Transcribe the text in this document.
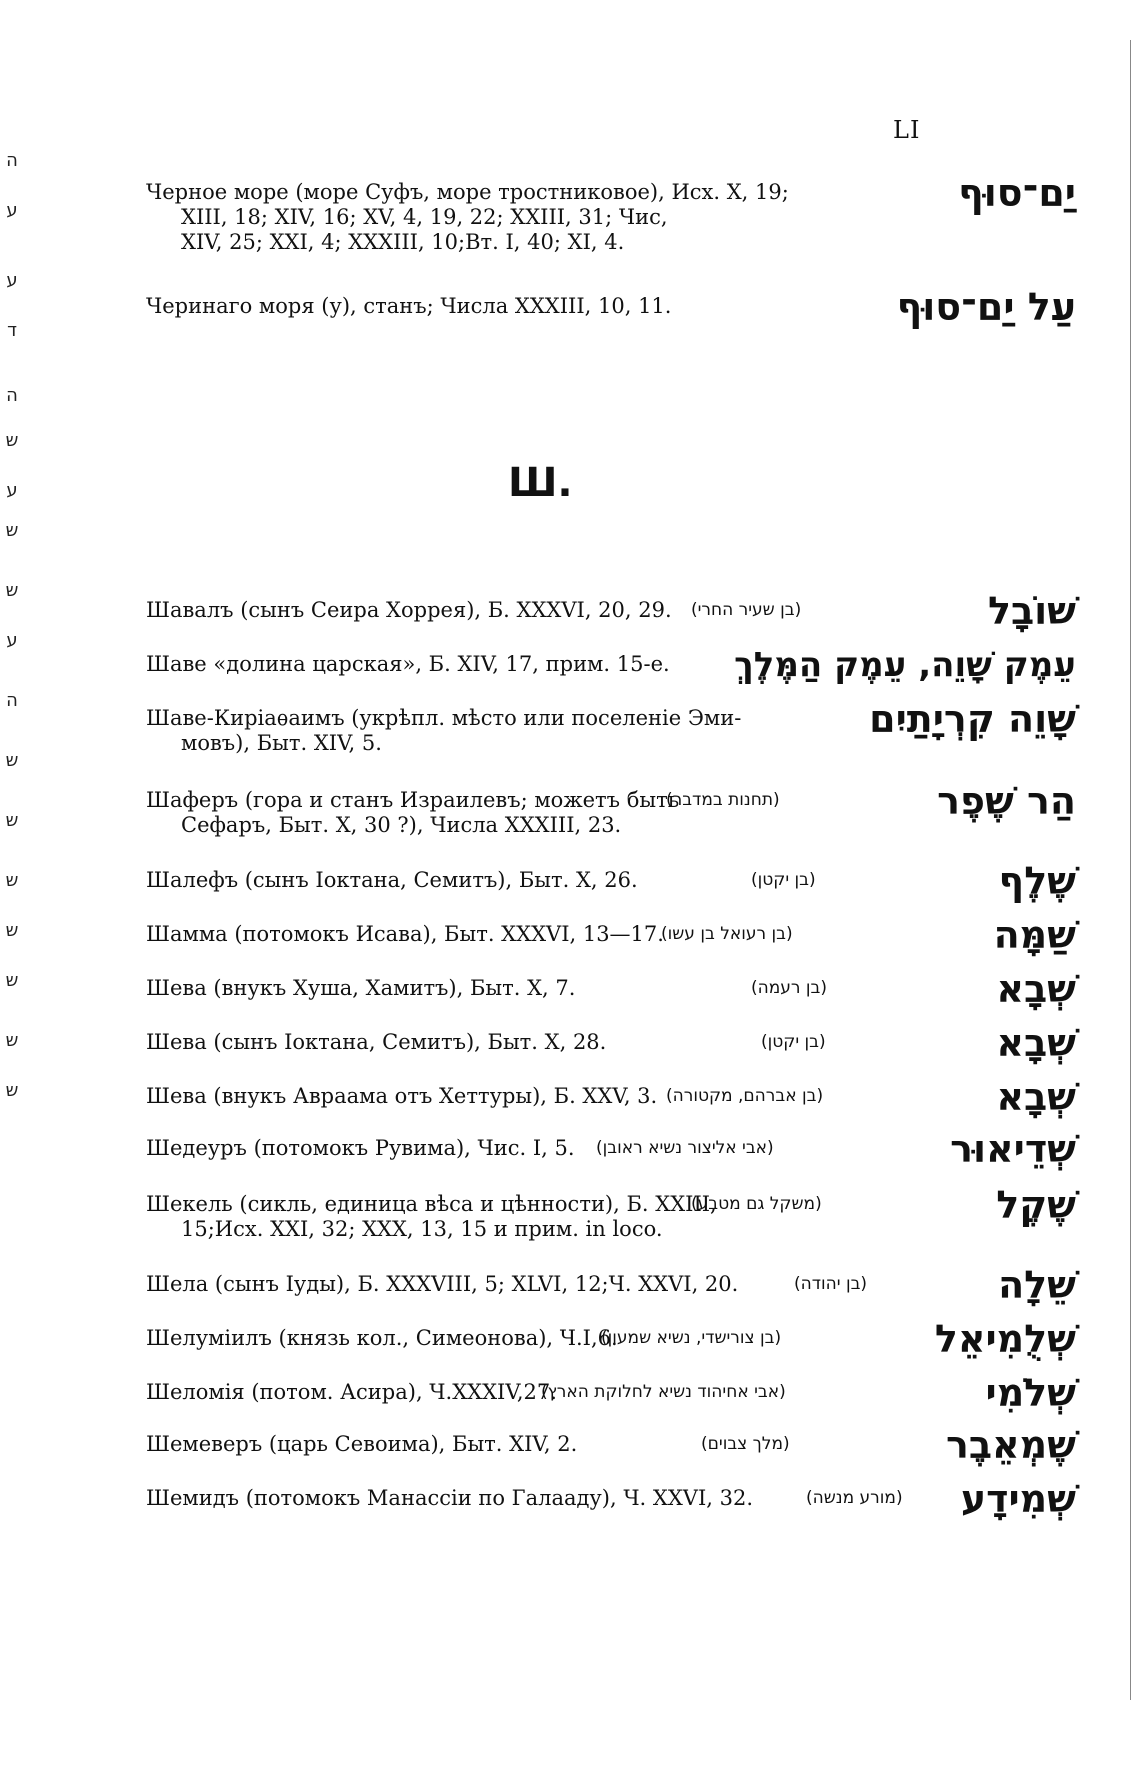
ה
ע
ע
ד
ה
ש
ע
ש
ש
ע
ה
ש
ש
ש
ש
ש
ש
ש
LI
Черное море (море Суфъ, море тростниковое), Исх. X, 19;
XIII, 18; XIV, 16; XV, 4, 19, 22; XXIII, 31; Чис,
XIV, 25; XXI, 4; XXXIII, 10;Вт. I, 40; XI, 4.
יַם־סוּף
Черинаго моря (у), станъ; Числа XXXIII, 10, 11.	עַל יַם־סוּף
Ш.
Шавалъ (сынъ Сеира Хоррея), Б. XXXVI, 20, 29.	(בן שעיר החרי)	שׁוֹבָל
Шаве «долина царская», Б. XIV, 17, прим. 15-е.	עֵמֶק שָׁוֵה, עֵמֶק הַמֶּלֶךְ
Шаве-Киріаѳаимъ (укрѣпл. мѣсто или поселеніе Эми-
мовъ), Быт. XIV, 5.
שָׁוֵה קִרְיָתַיִם
Шаферъ (гора и станъ Израилевъ; можетъ быть
Сефаръ, Быт. X, 30 ?), Числа XXXIII, 23.
(תחנות במדבר)	הַר שֶׁפֶר
Шалефъ (сынъ Іоктана, Семитъ), Быт. X, 26.	(בן יקטן)	שֶׁלֶף
Шамма (потомокъ Исава), Быт. XXXVI, 13—17.
(בן רעואל בן עשו)	שַׁמָּה
Шева (внукъ Хуша, Хамитъ), Быт. X, 7.	(בן רעמה)	שְׁבָא
Шева (сынъ Іоктана, Семитъ), Быт. X, 28.	(בן יקטן)	שְׁבָא
Шева (внукъ Авраама отъ Хеттуры), Б. XXV, 3. (בן אברהם, מקטורה)	שְׁבָא
Шедеуръ (потомокъ Рувима), Чис. I, 5.	(אבי אליצור נשיא ראובן)	שְׁדֵיאוּר
Шекель (сикль, единица вѣса и цѣнности), Б. XXIII,
15;Исх. XXI, 32; XXX, 13, 15 и прим. in loco.
(משקל גם מטבע)	שֶׁקֶל
Шела (сынъ Іуды), Б. XXXVIII, 5; XLVI, 12;Ч. XXVI, 20.	(בן יהודה)	שֵׁלָה
Шелуміилъ (князь кол., Симеонова), Ч.I,6.
(בן צורישדי, נשיא שמעון)	שְׁלֻמִיאֵל
Шеломія (потом. Асира), Ч.XXXIV,27.
(אבי אחיהוד נשיא לחלוקת הארץ)	שְׁלֹמִי
Шемеверъ (царь Севоима), Быт. XIV, 2.	(מלך צבוים)	שֶׁמְאֵבֶר
Шемидъ (потомокъ Манассіи по Галааду), Ч. XXVI, 32.	(מורע מנשה) שְׁמִידָע
